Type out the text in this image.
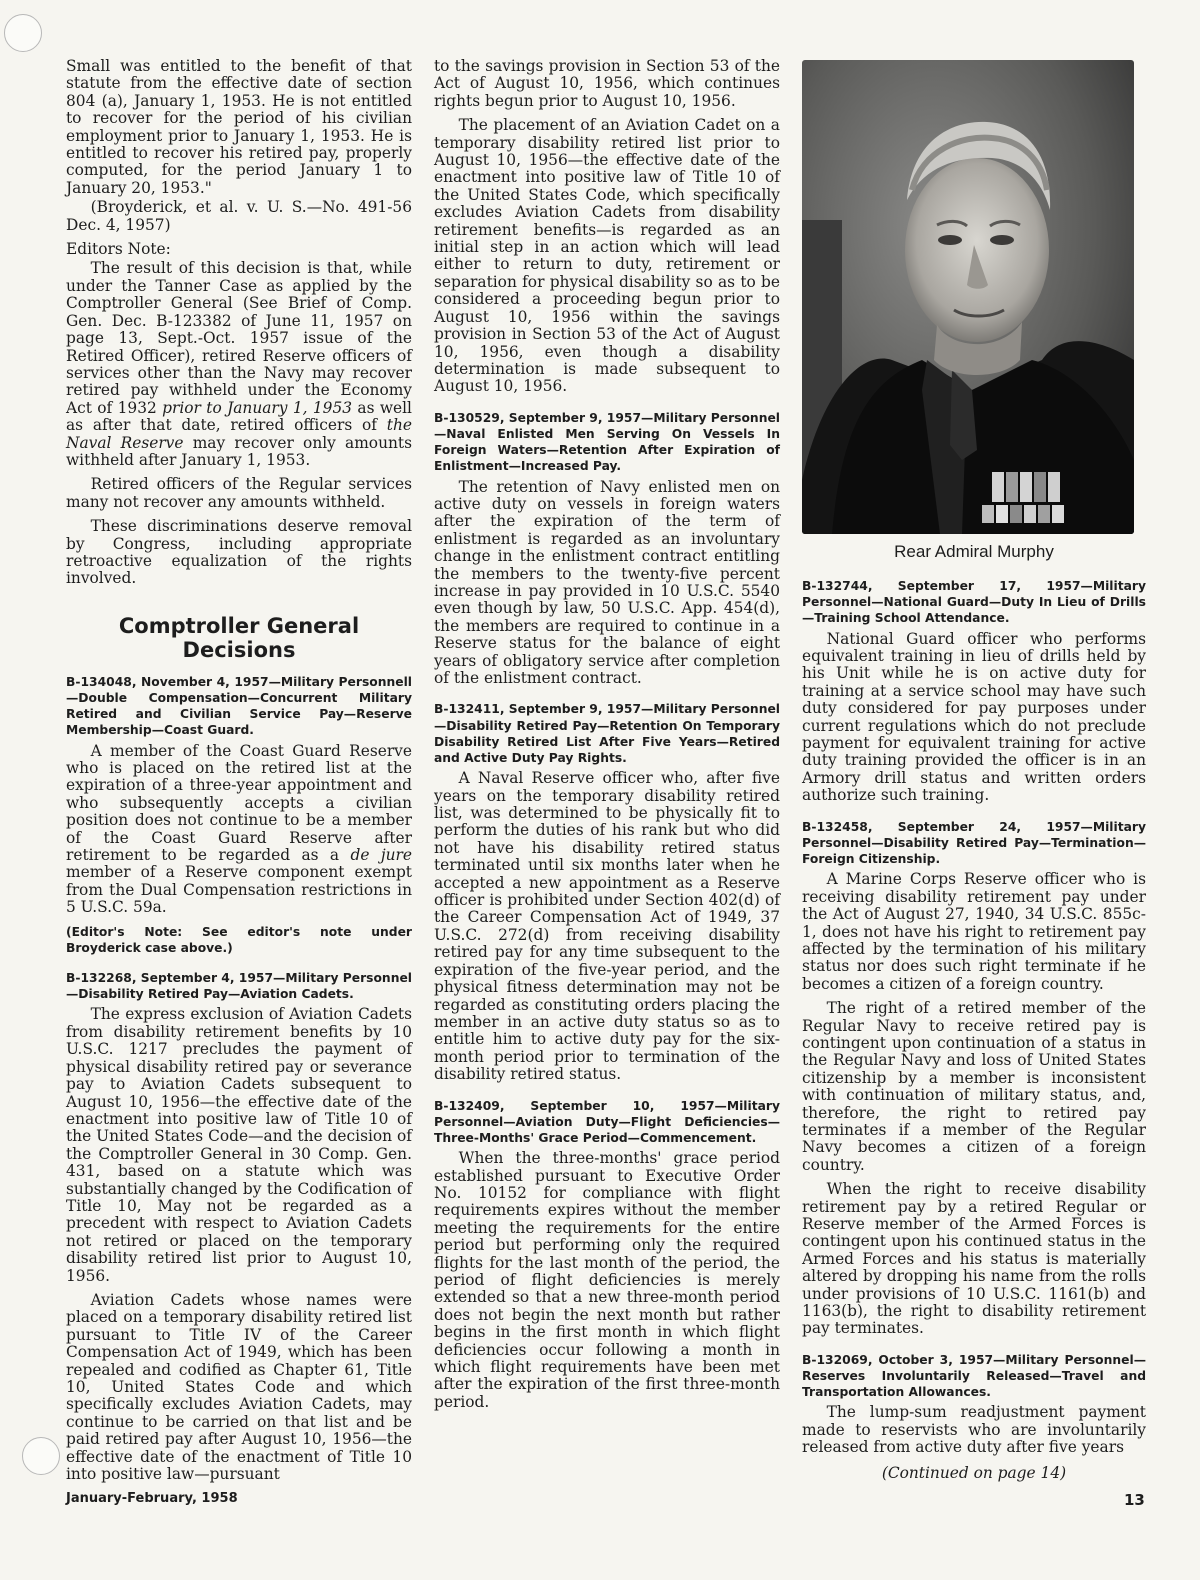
Small was entitled to the benefit of that statute from the effective date of section 804 (a), January 1, 1953. He is not entitled to recover for the period of his civilian employment prior to January 1, 1953. He is entitled to recover his retired pay, properly computed, for the period January 1 to January 20, 1953."

(Broyderick, et al. v. U. S.—No. 491-56 Dec. 4, 1957)

Editors Note:

The result of this decision is that, while under the Tanner Case as applied by the Comptroller General (See Brief of Comp. Gen. Dec. B-123382 of June 11, 1957 on page 13, Sept.-Oct. 1957 issue of the Retired Officer), retired Reserve officers of services other than the Navy may recover retired pay withheld under the Economy Act of 1932 prior to January 1, 1953 as well as after that date, retired officers of the Naval Reserve may recover only amounts withheld after January 1, 1953.

Retired officers of the Regular services many not recover any amounts withheld.

These discriminations deserve removal by Congress, including appropriate retroactive equalization of the rights involved.

Comptroller General
Decisions
B-134048, November 4, 1957—Military Personnell—Double Compensation—Concurrent Military Retired and Civilian Service Pay—Reserve Membership—Coast Guard.

A member of the Coast Guard Reserve who is placed on the retired list at the expiration of a three-year appointment and who subsequently accepts a civilian position does not continue to be a member of the Coast Guard Reserve after retirement to be regarded as a de jure member of a Reserve component exempt from the Dual Compensation restrictions in 5 U.S.C. 59a.

(Editor's Note: See editor's note under Broyderick case above.)
B-132268, September 4, 1957—Military Personnel—Disability Retired Pay—Aviation Cadets.

The express exclusion of Aviation Cadets from disability retirement benefits by 10 U.S.C. 1217 precludes the payment of physical disability retired pay or severance pay to Aviation Cadets subsequent to August 10, 1956—the effective date of the enactment into positive law of Title 10 of the United States Code—and the decision of the Comptroller General in 30 Comp. Gen. 431, based on a statute which was substantially changed by the Codification of Title 10, May not be regarded as a precedent with respect to Aviation Cadets not retired or placed on the temporary disability retired list prior to August 10, 1956.

Aviation Cadets whose names were placed on a temporary disability retired list pursuant to Title IV of the Career Compensation Act of 1949, which has been repealed and codified as Chapter 61, Title 10, United States Code and which specifically excludes Aviation Cadets, may continue to be carried on that list and be paid retired pay after August 10, 1956—the effective date of the enactment of Title 10 into positive law—pursuant

to the savings provision in Section 53 of the Act of August 10, 1956, which continues rights begun prior to August 10, 1956.

The placement of an Aviation Cadet on a temporary disability retired list prior to August 10, 1956—the effective date of the enactment into positive law of Title 10 of the United States Code, which specifically excludes Aviation Cadets from disability retirement benefits—is regarded as an initial step in an action which will lead either to return to duty, retirement or separation for physical disability so as to be considered a proceeding begun prior to August 10, 1956 within the savings provision in Section 53 of the Act of August 10, 1956, even though a disability determination is made subsequent to August 10, 1956.

B-130529, September 9, 1957—Military Personnel—Naval Enlisted Men Serving On Vessels In Foreign Waters—Retention After Expiration of Enlistment—Increased Pay.

The retention of Navy enlisted men on active duty on vessels in foreign waters after the expiration of the term of enlistment is regarded as an involuntary change in the enlistment contract entitling the members to the twenty-five percent increase in pay provided in 10 U.S.C. 5540 even though by law, 50 U.S.C. App. 454(d), the members are required to continue in a Reserve status for the balance of eight years of obligatory service after completion of the enlistment contract.

B-132411, September 9, 1957—Military Personnel—Disability Retired Pay—Retention On Temporary Disability Retired List After Five Years—Retired and Active Duty Pay Rights.

A Naval Reserve officer who, after five years on the temporary disability retired list, was determined to be physically fit to perform the duties of his rank but who did not have his disability retired status terminated until six months later when he accepted a new appointment as a Reserve officer is prohibited under Section 402(d) of the Career Compensation Act of 1949, 37 U.S.C. 272(d) from receiving disability retired pay for any time subsequent to the expiration of the five-year period, and the physical fitness determination may not be regarded as constituting orders placing the member in an active duty status so as to entitle him to active duty pay for the six-month period prior to termination of the disability retired status.

B-132409, September 10, 1957—Military Personnel—Aviation Duty—Flight Deficiencies—Three-Months' Grace Period—Commencement.

When the three-months' grace period established pursuant to Executive Order No. 10152 for compliance with flight requirements expires without the member meeting the requirements for the entire period but performing only the required flights for the last month of the period, the period of flight deficiencies is merely extended so that a new three-month period does not begin the next month but rather begins in the first month in which flight deficiencies occur following a month in which flight requirements have been met after the expiration of the first three-month period.

Rear Admiral Murphy
B-132744, September 17, 1957—Military Personnel—National Guard—Duty In Lieu of Drills—Training School Attendance.

National Guard officer who performs equivalent training in lieu of drills held by his Unit while he is on active duty for training at a service school may have such duty considered for pay purposes under current regulations which do not preclude payment for equivalent training for active duty training provided the officer is in an Armory drill status and written orders authorize such training.

B-132458, September 24, 1957—Military Personnel—Disability Retired Pay—Termination—Foreign Citizenship.

A Marine Corps Reserve officer who is receiving disability retirement pay under the Act of August 27, 1940, 34 U.S.C. 855c-1, does not have his right to retirement pay affected by the termination of his military status nor does such right terminate if he becomes a citizen of a foreign country.

The right of a retired member of the Regular Navy to receive retired pay is contingent upon continuation of a status in the Regular Navy and loss of United States citizenship by a member is inconsistent with continuation of military status, and, therefore, the right to retired pay terminates if a member of the Regular Navy becomes a citizen of a foreign country.

When the right to receive disability retirement pay by a retired Regular or Reserve member of the Armed Forces is contingent upon his continued status in the Armed Forces and his status is materially altered by dropping his name from the rolls under provisions of 10 U.S.C. 1161(b) and 1163(b), the right to disability retirement pay terminates.

B-132069, October 3, 1957—Military Personnel—Reserves Involuntarily Released—Travel and Transportation Allowances.

The lump-sum readjustment payment made to reservists who are involuntarily released from active duty after five years

(Continued on page 14)
January-February, 1958	13
